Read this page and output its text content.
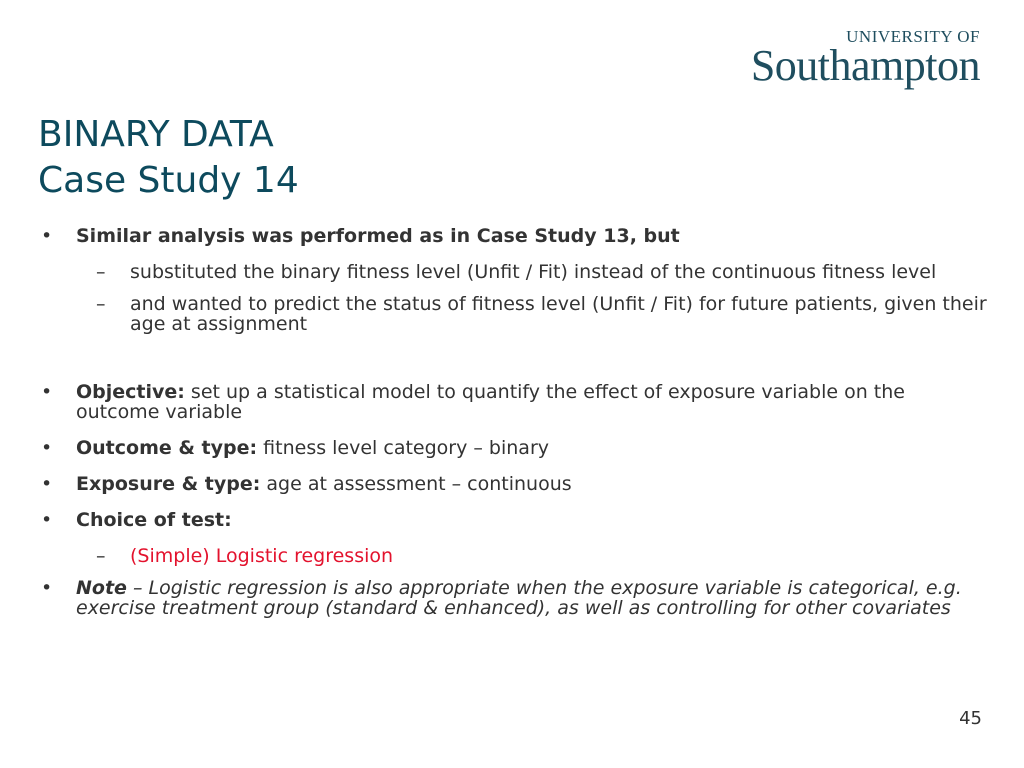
UNIVERSITY OF
Southampton
BINARY DATA
Case Study 14
• Similar analysis was performed as in Case Study 13, but
– substituted the binary fitness level (Unfit / Fit) instead of the continuous fitness level
– and wanted to predict the status of fitness level (Unfit / Fit) for future patients, given their age at assignment
• Objective: set up a statistical model to quantify the effect of exposure variable on the outcome variable
• Outcome & type: fitness level category – binary
• Exposure & type: age at assessment – continuous
• Choice of test:
– (Simple) Logistic regression
• Note – Logistic regression is also appropriate when the exposure variable is categorical, e.g. exercise treatment group (standard & enhanced), as well as controlling for other covariates
45
